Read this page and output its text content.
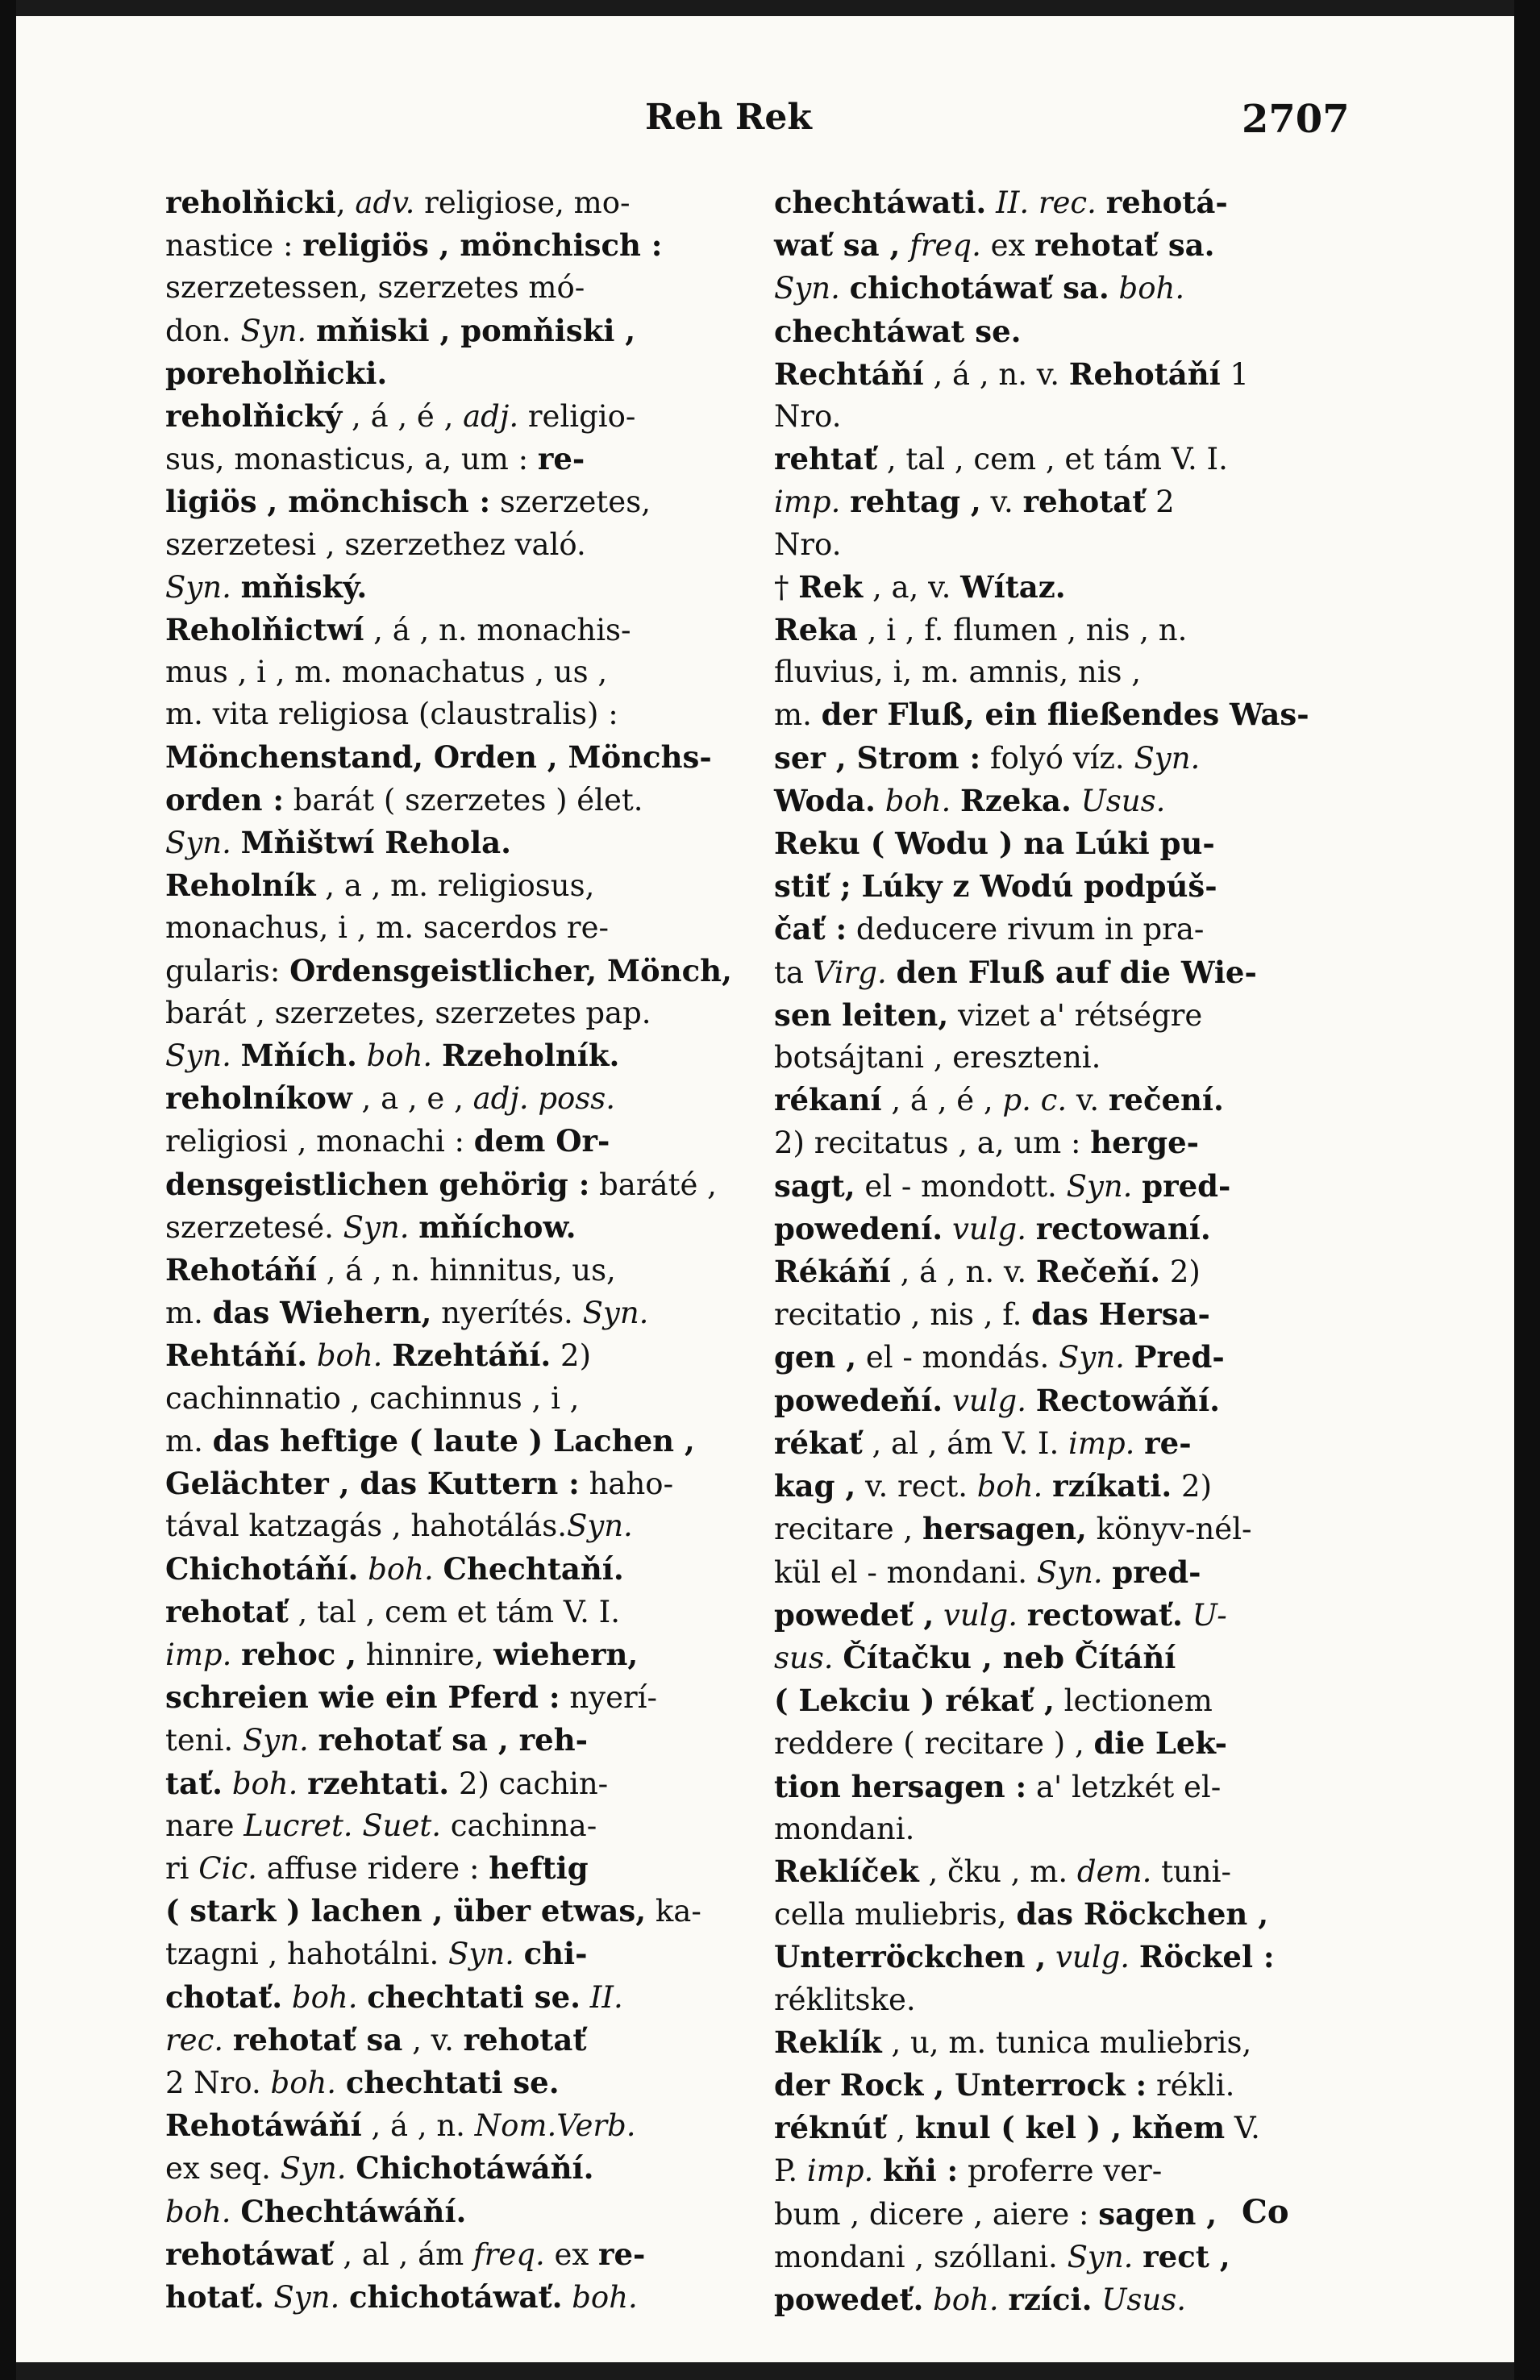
Reh Rek	2707
reholňicki, adv. religiose, mo-
nastice : religiös , mönchisch :
szerzetessen, szerzetes mó-
don. Syn. mňiski , pomňiski ,
poreholňicki.
reholňický , á , é , adj. religio-
sus, monasticus, a, um : re-
ligiös , mönchisch : szerzetes,
szerzetesi , szerzethez való.
Syn. mňiský.
Reholňictwí , á , n. monachis-
mus , i , m. monachatus , us ,
m. vita religiosa (claustralis) :
Mönchenstand, Orden , Mönchs-
orden : barát ( szerzetes ) élet.
Syn. Mňištwí Rehola.
Reholník , a , m. religiosus,
monachus, i , m. sacerdos re-
gularis: Ordensgeistlicher, Mönch,
barát , szerzetes, szerzetes pap.
Syn. Mňích. boh. Rzeholník.
reholníkow , a , e , adj. poss.
religiosi , monachi : dem Or-
densgeistlichen gehörig : baráté ,
szerzetesé. Syn. mňíchow.
Rehotáňí , á , n. hinnitus, us,
m. das Wiehern, nyerítés. Syn.
Rehtáňí. boh. Rzehtáňí. 2)
cachinnatio , cachinnus , i ,
m. das heftige ( laute ) Lachen ,
Gelächter , das Kuttern : haho-
tával katzagás , hahotálás.Syn.
Chichotáňí. boh. Chechtaňí.
rehotať , tal , cem et tám V. I.
imp. rehoc , hinnire, wiehern,
schreien wie ein Pferd : nyerí-
teni. Syn. rehotať sa , reh-
tať. boh. rzehtati. 2) cachin-
nare Lucret. Suet. cachinna-
ri Cic. affuse ridere : heftig
( stark ) lachen , über etwas, ka-
tzagni , hahotálni. Syn. chi-
chotať. boh. chechtati se. II.
rec. rehotať sa , v. rehotať
2 Nro. boh. chechtati se.
Rehotáwáňí , á , n. Nom.Verb.
ex seq. Syn. Chichotáwáňí.
boh. Chechtáwáňí.
rehotáwať , al , ám freq. ex re-
hotať. Syn. chichotáwať. boh.
chechtáwati. II. rec. rehotá-
wať sa , freq. ex rehotať sa.
Syn. chichotáwať sa. boh.
chechtáwat se.
Rechtáňí , á , n. v. Rehotáňí 1
Nro.
rehtať , tal , cem , et tám V. I.
imp. rehtag , v. rehotať 2
Nro.
† Rek , a, v. Wítaz.
Reka , i , f. flumen , nis , n.
fluvius, i, m. amnis, nis ,
m. der Fluß, ein fließendes Was-
ser , Strom : folyó víz. Syn.
Woda. boh. Rzeka. Usus.
Reku ( Wodu ) na Lúki pu-
stiť ; Lúky z Wodú podpúš-
čať : deducere rivum in pra-
ta Virg. den Fluß auf die Wie-
sen leiten, vizet a' rétségre
botsájtani , ereszteni.
rékaní , á , é , p. c. v. rečení.
2) recitatus , a, um : herge-
sagt, el - mondott. Syn. pred-
powedení. vulg. rectowaní.
Rékáňí , á , n. v. Rečeňí. 2)
recitatio , nis , f. das Hersa-
gen , el - mondás. Syn. Pred-
powedeňí. vulg. Rectowáňí.
rékať , al , ám V. I. imp. re-
kag , v. rect. boh. rzíkati. 2)
recitare , hersagen, könyv-nél-
kül el - mondani. Syn. pred-
powedeť , vulg. rectowať. U-
sus. Čítačku , neb Čítáňí
( Lekciu ) rékať , lectionem
reddere ( recitare ) , die Lek-
tion hersagen : a' letzkét el-
mondani.
Reklíček , čku , m. dem. tuni-
cella muliebris, das Röckchen ,
Unterröckchen , vulg. Röckel :
réklitske.
Reklík , u, m. tunica muliebris,
der Rock , Unterrock : rékli.
réknúť , knul ( kel ) , kňem V.
P. imp. kňi : proferre ver-
bum , dicere , aiere : sagen ,
mondani , szóllani. Syn. rect ,
powedeť. boh. rzíci. Usus.
Co
